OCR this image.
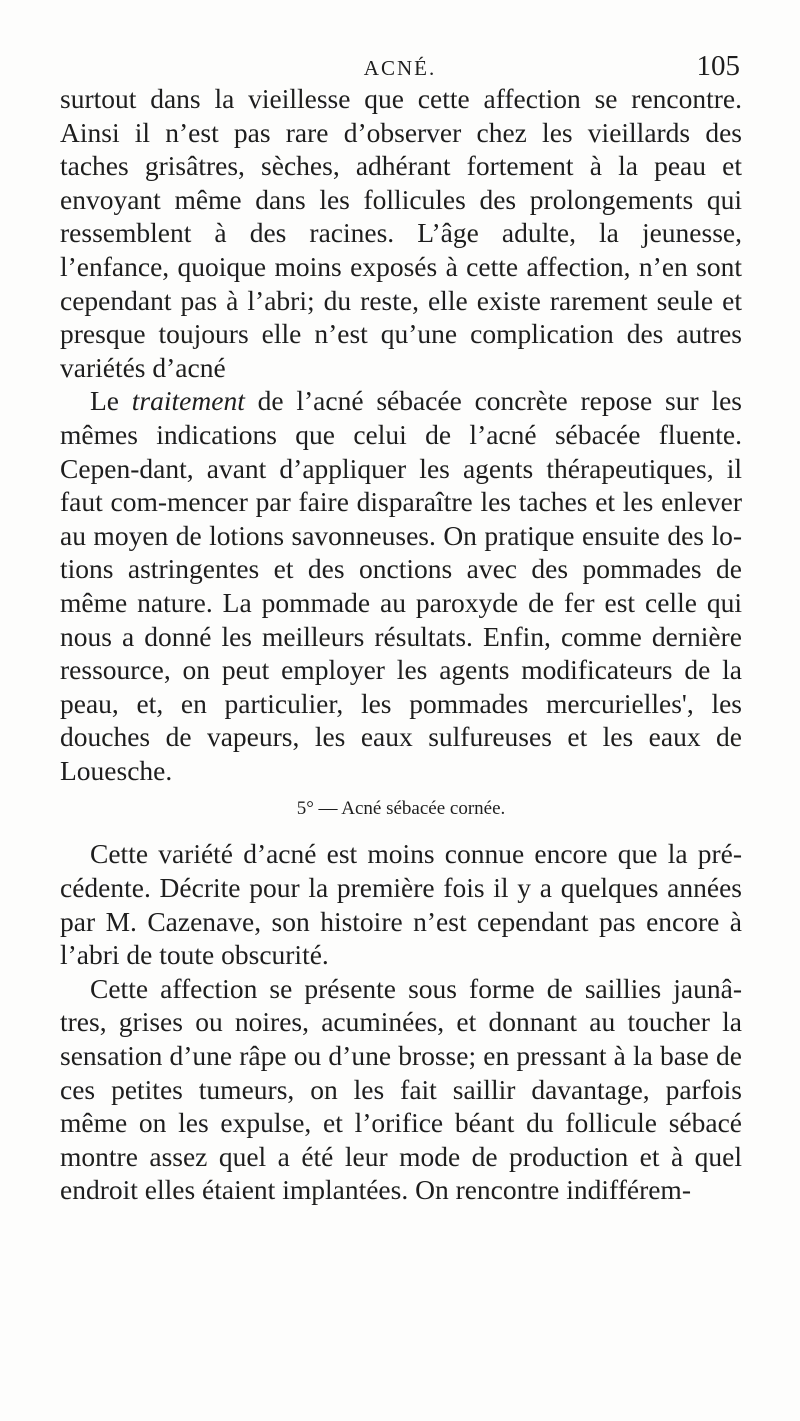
ACNÉ.	105

surtout dans la vieillesse que cette affection se rencontre. Ainsi il n’est pas rare d’observer chez les vieillards des taches grisâtres, sèches, adhérant fortement à la peau et envoyant même dans les follicules des prolongements qui ressemblent à des racines. L’âge adulte, la jeunesse, l’enfance, quoique moins exposés à cette affection, n’en sont cependant pas à l’abri; du reste, elle existe rarement seule et presque toujours elle n’est qu’une complication des autres variétés d’acné

Le traitement de l’acné sébacée concrète repose sur les mêmes indications que celui de l’acné sébacée fluente. Cepen-dant, avant d’appliquer les agents thérapeutiques, il faut com-mencer par faire disparaître les taches et les enlever au moyen de lotions savonneuses. On pratique ensuite des lo-tions astringentes et des onctions avec des pommades de même nature. La pommade au paroxyde de fer est celle qui nous a donné les meilleurs résultats. Enfin, comme dernière ressource, on peut employer les agents modificateurs de la peau, et, en particulier, les pommades mercurielles', les douches de vapeurs, les eaux sulfureuses et les eaux de Louesche.

5° — Acné sébacée cornée.

Cette variété d’acné est moins connue encore que la pré-cédente. Décrite pour la première fois il y a quelques années par M. Cazenave, son histoire n’est cependant pas encore à l’abri de toute obscurité.

Cette affection se présente sous forme de saillies jaunâ-tres, grises ou noires, acuminées, et donnant au toucher la sensation d’une râpe ou d’une brosse; en pressant à la base de ces petites tumeurs, on les fait saillir davantage, parfois même on les expulse, et l’orifice béant du follicule sébacé montre assez quel a été leur mode de production et à quel endroit elles étaient implantées. On rencontre indifférem-
